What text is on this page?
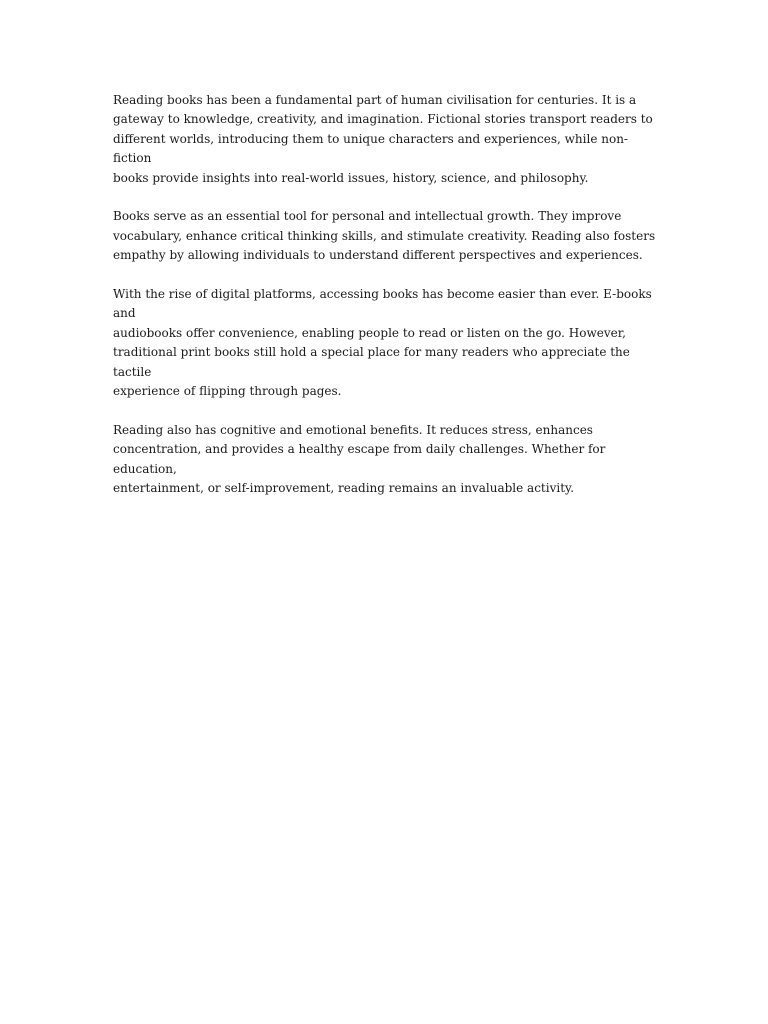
Reading books has been a fundamental part of human civilisation for centuries. It is a
gateway to knowledge, creativity, and imagination. Fictional stories transport readers to
different worlds, introducing them to unique characters and experiences, while non-fiction
books provide insights into real-world issues, history, science, and philosophy.

Books serve as an essential tool for personal and intellectual growth. They improve
vocabulary, enhance critical thinking skills, and stimulate creativity. Reading also fosters
empathy by allowing individuals to understand different perspectives and experiences.

With the rise of digital platforms, accessing books has become easier than ever. E-books and
audiobooks offer convenience, enabling people to read or listen on the go. However,
traditional print books still hold a special place for many readers who appreciate the tactile
experience of flipping through pages.

Reading also has cognitive and emotional benefits. It reduces stress, enhances
concentration, and provides a healthy escape from daily challenges. Whether for education,
entertainment, or self-improvement, reading remains an invaluable activity.
